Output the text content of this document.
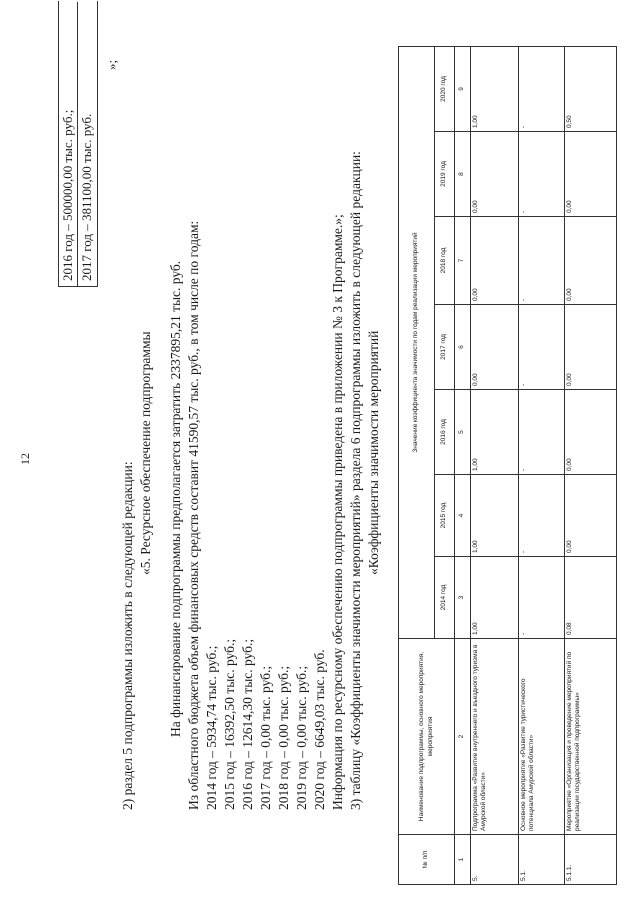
12
2016 год – 500000,00 тыс. руб.; 2017 год – 381100,00 тыс. руб.
»;
2) раздел 5 подпрограммы изложить в следующей редакции:
«5. Ресурсное обеспечение подпрограммы На финансирование подпрограммы предполагается затратить 2337895,21 тыс. руб. Из областного бюджета объем финансовых средств составит 41590,57 тыс. руб., в том числе по годам: 2014 год – 5934,74 тыс. руб.; 2015 год – 16392,50 тыс. руб.; 2016 год – 12614,30 тыс. руб.; 2017 год – 0,00 тыс. руб.; 2018 год – 0,00 тыс. руб.; 2019 год – 0,00 тыс. руб.; 2020 год – 6649,03 тыс. руб. Информация по ресурсному обеспечению подпрограммы приведена в приложении № 3 к Программе.»; 3) таблицу «Коэффициенты значимости мероприятий» раздела 6 подпрограммы изложить в следующей редакции: «Коэффициенты значимости мероприятий
№ п/п	Наименование подпрограммы, основного мероприятия, мероприятия	Значение коэффициента значимости по годам реализации мероприятий						
		2014 год	2015 год	2016 год	2017 год	2018 год	2019 год	2020 год
1	2	3	4	5	6	7	8	9
5.	Подпрограмма «Развитие внутреннего и въездного туризма в Амурской области»	1,00	1,00	1,00	0,00	0,00	0,00	1,00
5.1.	Основное мероприятие «Развитие туристического потенциала Амурской области»	-	-	-	-	-	-	-
5.1.1.	Мероприятие «Организация и проведение мероприятий по реализации государственной подпрограммы»	0,08	0,00	0,00	0,00	0,00	0,00	0,50
